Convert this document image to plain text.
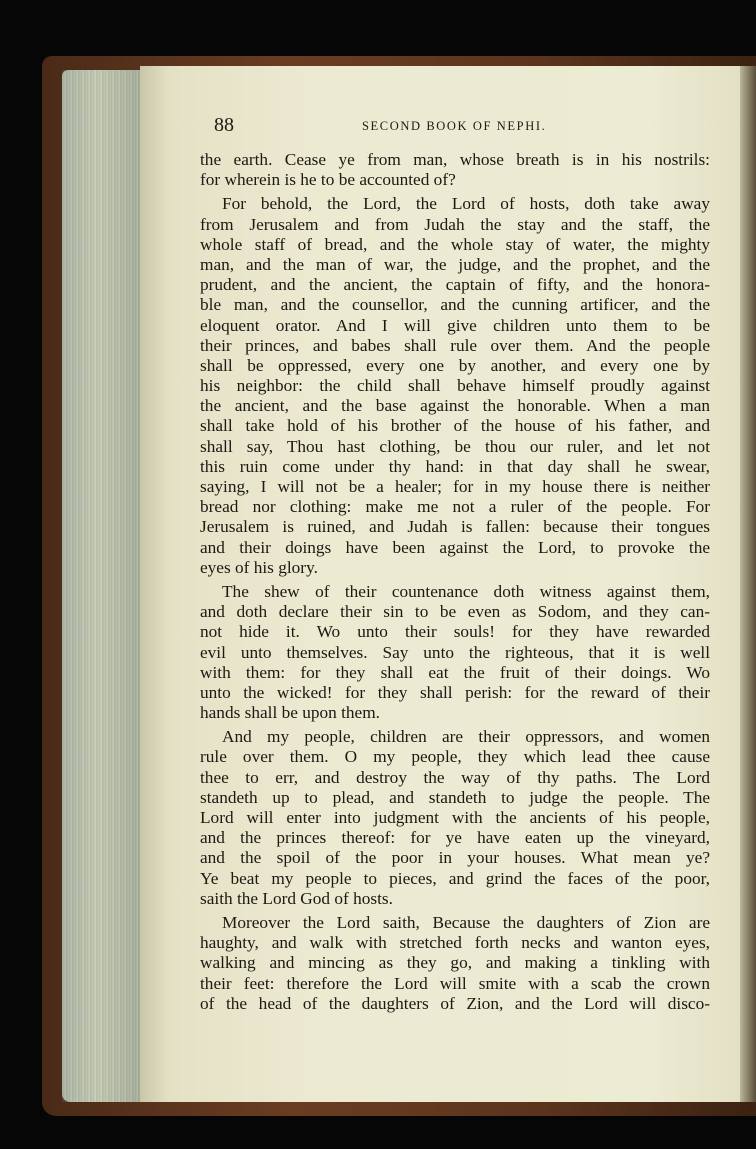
88	SECOND BOOK OF NEPHI.
the earth. Cease ye from man, whose breath is in his nostrils:
for wherein is he to be accounted of?
For behold, the Lord, the Lord of hosts, doth take away
from Jerusalem and from Judah the stay and the staff, the
whole staff of bread, and the whole stay of water, the mighty
man, and the man of war, the judge, and the prophet, and the
prudent, and the ancient, the captain of fifty, and the honora-
ble man, and the counsellor, and the cunning artificer, and the
eloquent orator. And I will give children unto them to be
their princes, and babes shall rule over them. And the people
shall be oppressed, every one by another, and every one by
his neighbor: the child shall behave himself proudly against
the ancient, and the base against the honorable. When a man
shall take hold of his brother of the house of his father, and
shall say, Thou hast clothing, be thou our ruler, and let not
this ruin come under thy hand: in that day shall he swear,
saying, I will not be a healer; for in my house there is neither
bread nor clothing: make me not a ruler of the people. For
Jerusalem is ruined, and Judah is fallen: because their tongues
and their doings have been against the Lord, to provoke the
eyes of his glory.
The shew of their countenance doth witness against them,
and doth declare their sin to be even as Sodom, and they can-
not hide it. Wo unto their souls! for they have rewarded
evil unto themselves. Say unto the righteous, that it is well
with them: for they shall eat the fruit of their doings. Wo
unto the wicked! for they shall perish: for the reward of their
hands shall be upon them.
And my people, children are their oppressors, and women
rule over them. O my people, they which lead thee cause
thee to err, and destroy the way of thy paths. The Lord
standeth up to plead, and standeth to judge the people. The
Lord will enter into judgment with the ancients of his people,
and the princes thereof: for ye have eaten up the vineyard,
and the spoil of the poor in your houses. What mean ye?
Ye beat my people to pieces, and grind the faces of the poor,
saith the Lord God of hosts.
Moreover the Lord saith, Because the daughters of Zion are
haughty, and walk with stretched forth necks and wanton eyes,
walking and mincing as they go, and making a tinkling with
their feet: therefore the Lord will smite with a scab the crown
of the head of the daughters of Zion, and the Lord will disco-
